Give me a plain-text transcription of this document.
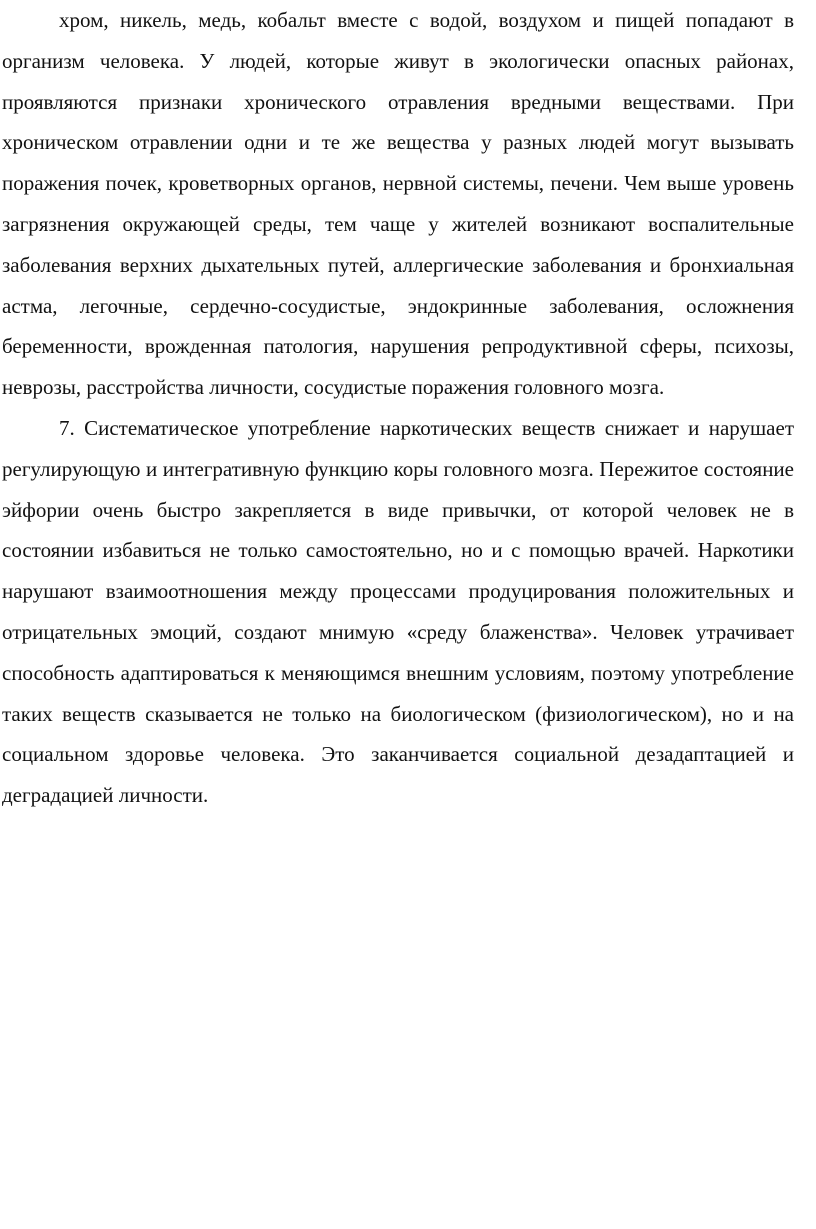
хром, никель, медь, кобальт вместе с водой, воздухом и пищей попадают в организм человека. У людей, которые живут в экологически опасных районах, проявляются признаки хронического отравления вредными веществами. При хроническом отравлении одни и те же вещества у разных людей могут вызывать поражения почек, кроветворных органов, нервной системы, печени. Чем выше уровень загрязнения окружающей среды, тем чаще у жителей возникают воспалительные заболевания верхних дыхательных путей, аллергические заболевания и бронхиальная астма, легочные, сердечно-сосудистые, эндокринные заболевания, осложнения беременности, врожденная патология, нарушения репродуктивной сферы, психозы, неврозы, расстройства личности, сосудистые поражения головного мозга.

7. Систематическое употребление наркотических веществ снижает и нарушает регулирующую и интегративную функцию коры головного мозга. Пережитое состояние эйфории очень быстро закрепляется в виде привычки, от которой человек не в состоянии избавиться не только самостоятельно, но и с помощью врачей. Наркотики нарушают взаимоотношения между процессами продуцирования положительных и отрицательных эмоций, создают мнимую «среду блаженства». Человек утрачивает способность адаптироваться к меняющимся внешним условиям, поэтому употребление таких веществ сказывается не только на биологическом (физиологическом), но и на социальном здоровье человека. Это заканчивается социальной дезадаптацией и деградацией личности.
